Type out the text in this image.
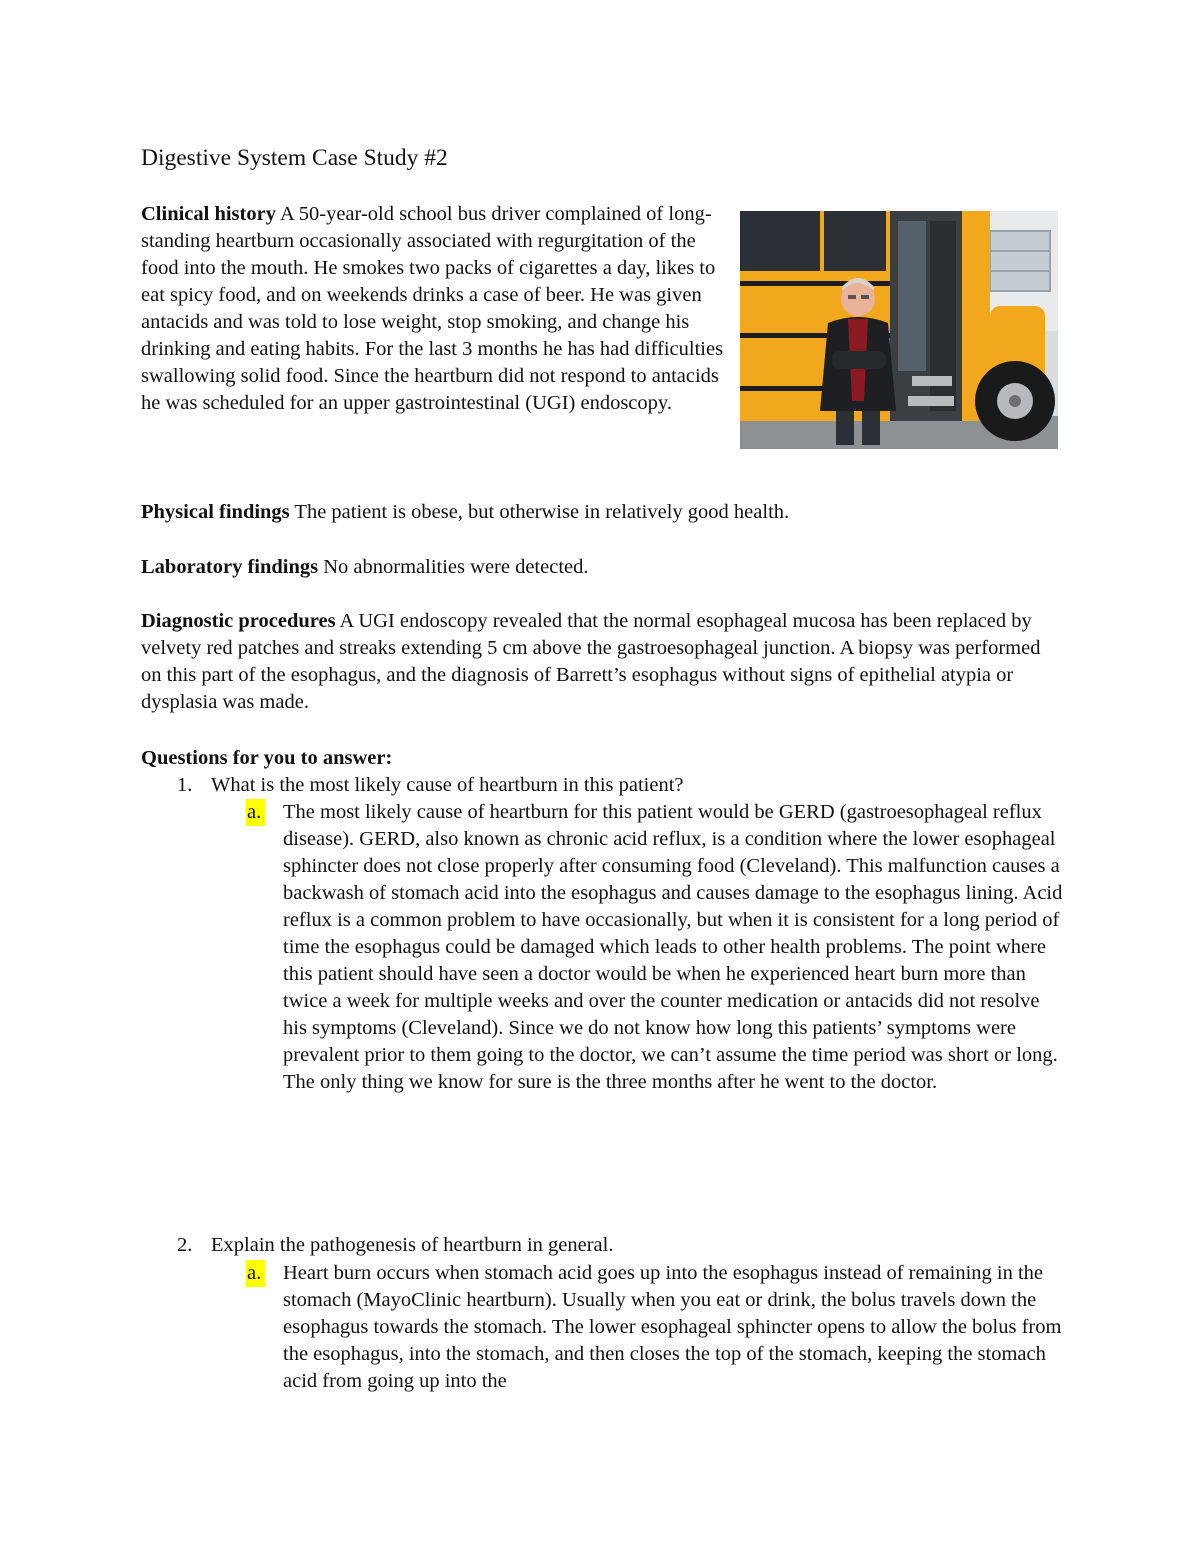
Digestive System Case Study #2

Clinical history A 50-year-old school bus driver complained of long-standing heartburn occasionally associated with regurgitation of the food into the mouth. He smokes two packs of cigarettes a day, likes to eat spicy food, and on weekends drinks a case of beer. He was given antacids and was told to lose weight, stop smoking, and change his drinking and eating habits. For the last 3 months he has had difficulties swallowing solid food. Since the heartburn did not respond to antacids he was scheduled for an upper gastrointestinal (UGI) endoscopy.

Physical findings The patient is obese, but otherwise in relatively good health.

Laboratory findings No abnormalities were detected.

Diagnostic procedures A UGI endoscopy revealed that the normal esophageal mucosa has been replaced by velvety red patches and streaks extending 5 cm above the gastroesophageal junction. A biopsy was performed on this part of the esophagus, and the diagnosis of Barrett’s esophagus without signs of epithelial atypia or dysplasia was made.

Questions for you to answer:

1. What is the most likely cause of heartburn in this patient?
a. The most likely cause of heartburn for this patient would be GERD (gastroesophageal reflux disease). GERD, also known as chronic acid reflux, is a condition where the lower esophageal sphincter does not close properly after consuming food (Cleveland). This malfunction causes a backwash of stomach acid into the esophagus and causes damage to the esophagus lining. Acid reflux is a common problem to have occasionally, but when it is consistent for a long period of time the esophagus could be damaged which leads to other health problems. The point where this patient should have seen a doctor would be when he experienced heart burn more than twice a week for multiple weeks and over the counter medication or antacids did not resolve his symptoms (Cleveland). Since we do not know how long this patients’ symptoms were prevalent prior to them going to the doctor, we can’t assume the time period was short or long. The only thing we know for sure is the three months after he went to the doctor.
2. Explain the pathogenesis of heartburn in general.
a. Heart burn occurs when stomach acid goes up into the esophagus instead of remaining in the stomach (MayoClinic heartburn). Usually when you eat or drink, the bolus travels down the esophagus towards the stomach. The lower esophageal sphincter opens to allow the bolus from the esophagus, into the stomach, and then closes the top of the stomach, keeping the stomach acid from going up into the
